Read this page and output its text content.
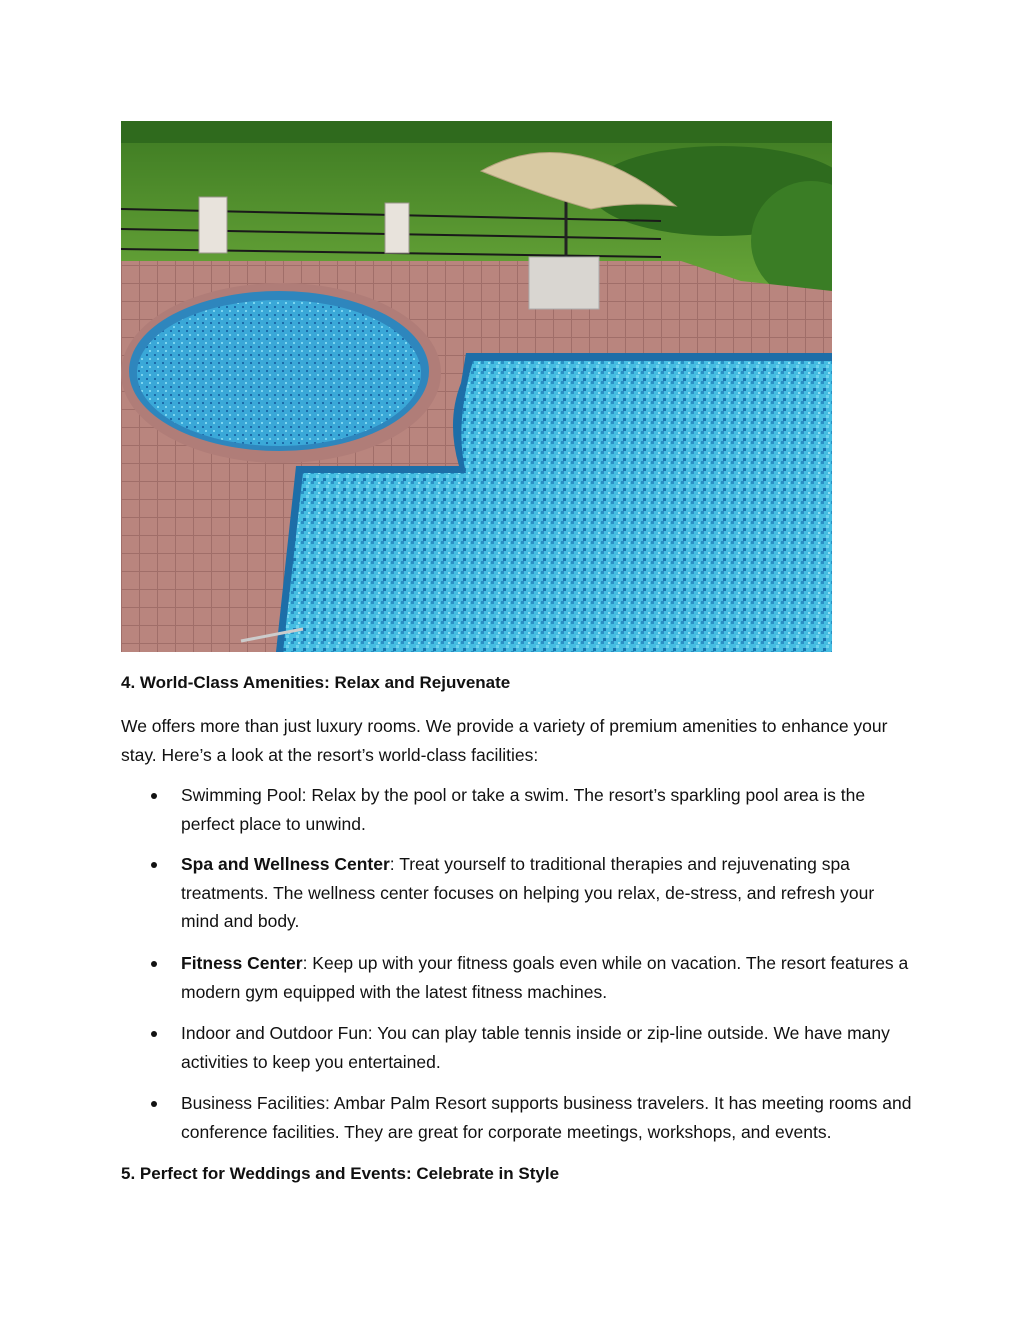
4. World-Class Amenities: Relax and Rejuvenate

We offers more than just luxury rooms. We provide a variety of premium amenities to enhance your stay. Here’s a look at the resort’s world-class facilities:

Swimming Pool: Relax by the pool or take a swim. The resort’s sparkling pool area is the perfect place to unwind.

Spa and Wellness Center: Treat yourself to traditional therapies and rejuvenating spa treatments. The wellness center focuses on helping you relax, de-stress, and refresh your mind and body.

Fitness Center: Keep up with your fitness goals even while on vacation. The resort features a modern gym equipped with the latest fitness machines.

Indoor and Outdoor Fun: You can play table tennis inside or zip-line outside. We have many activities to keep you entertained.

Business Facilities: Ambar Palm Resort supports business travelers. It has meeting rooms and conference facilities. They are great for corporate meetings, workshops, and events.

5. Perfect for Weddings and Events: Celebrate in Style
